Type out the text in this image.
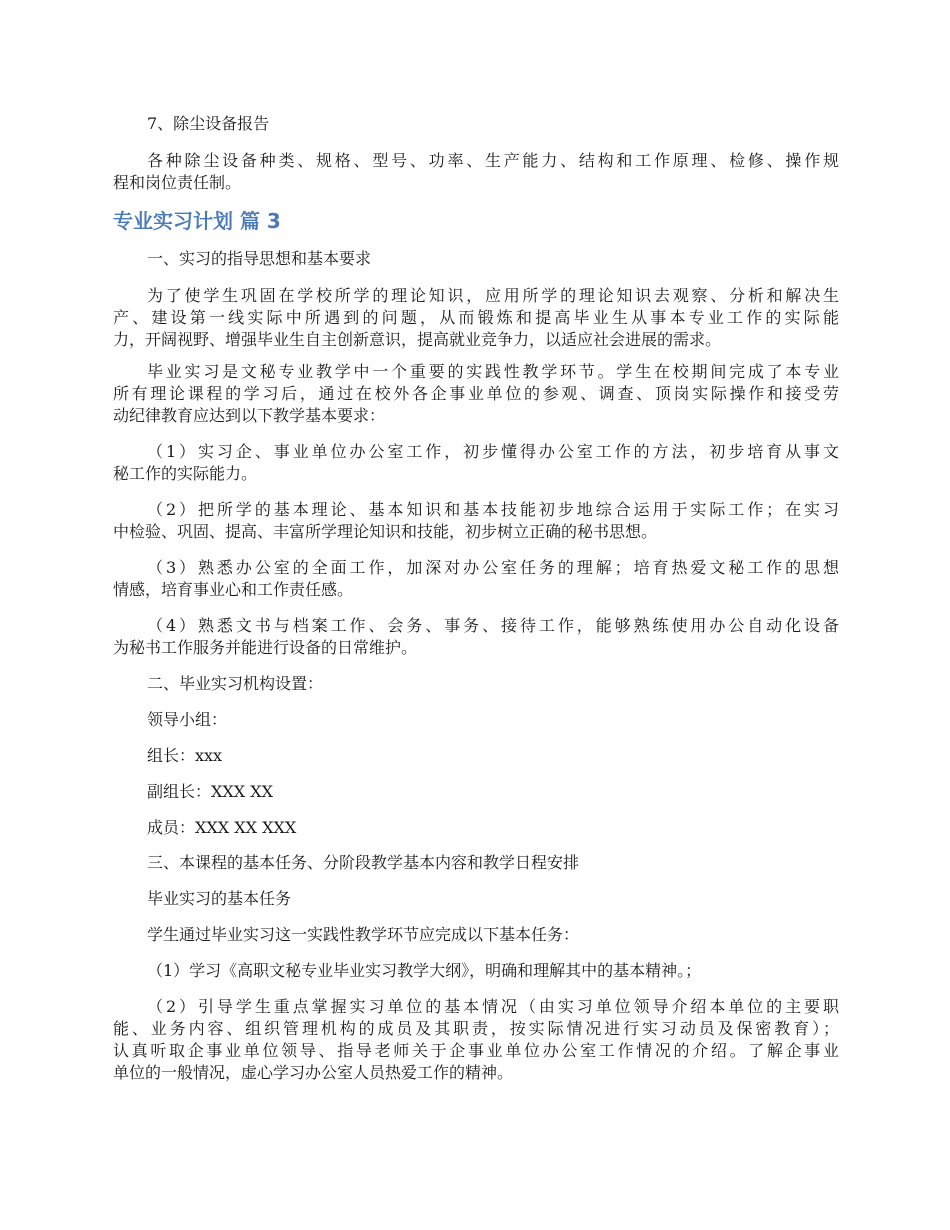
7、除尘设备报告

各种除尘设备种类、规格、型号、功率、生产能力、结构和工作原理、检修、操作规
程和岗位责任制。

专业实习计划 篇 3

一、实习的指导思想和基本要求

为了使学生巩固在学校所学的理论知识，应用所学的理论知识去观察、分析和解决生
产、建设第一线实际中所遇到的问题，从而锻炼和提高毕业生从事本专业工作的实际能
力，开阔视野、增强毕业生自主创新意识，提高就业竞争力，以适应社会进展的需求。

毕业实习是文秘专业教学中一个重要的实践性教学环节。学生在校期间完成了本专业
所有理论课程的学习后，通过在校外各企事业单位的参观、调查、顶岗实际操作和接受劳
动纪律教育应达到以下教学基本要求：

（1）实习企、事业单位办公室工作，初步懂得办公室工作的方法，初步培育从事文
秘工作的实际能力。

（2）把所学的基本理论、基本知识和基本技能初步地综合运用于实际工作；在实习
中检验、巩固、提高、丰富所学理论知识和技能，初步树立正确的秘书思想。

（3）熟悉办公室的全面工作，加深对办公室任务的理解；培育热爱文秘工作的思想
情感，培育事业心和工作责任感。

（4）熟悉文书与档案工作、会务、事务、接待工作，能够熟练使用办公自动化设备
为秘书工作服务并能进行设备的日常维护。

二、毕业实习机构设置：

领导小组：

组长：xxx

副组长：XXX XX

成员：XXX XX XXX

三、本课程的基本任务、分阶段教学基本内容和教学日程安排

毕业实习的基本任务

学生通过毕业实习这一实践性教学环节应完成以下基本任务：

（1）学习《高职文秘专业毕业实习教学大纲》，明确和理解其中的基本精神。；

（2）引导学生重点掌握实习单位的基本情况（由实习单位领导介绍本单位的主要职
能、业务内容、组织管理机构的成员及其职责，按实际情况进行实习动员及保密教育）；
认真听取企事业单位领导、指导老师关于企事业单位办公室工作情况的介绍。了解企事业
单位的一般情况，虚心学习办公室人员热爱工作的精神。
